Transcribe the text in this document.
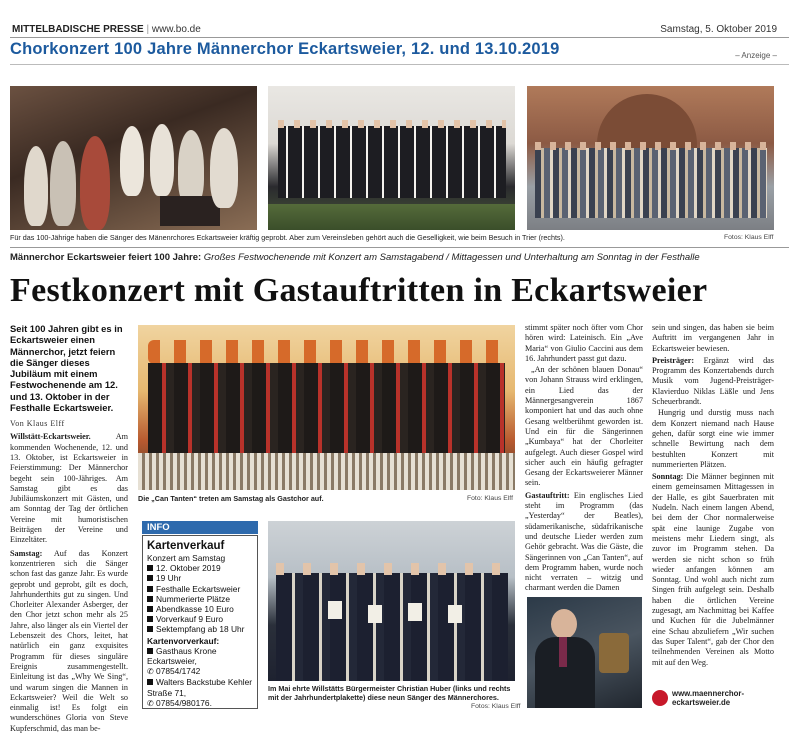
MITTELBADISCHE PRESSE | www.bo.de	Samstag, 5. Oktober 2019
Chorkonzert 100 Jahre Männerchor Eckartsweier, 12. und 13.10.2019	– Anzeige –
Für das 100-Jährige haben die Sänger des Mänenrchores Eckartsweier kräftig geprobt. Aber zum Vereinsleben gehört auch die Geselligkeit, wie beim Besuch in Trier (rechts).	Fotos: Klaus Elff
Männerchor Eckartsweier feiert 100 Jahre: Großes Festwochenende mit Konzert am Samstagabend / Mittagessen und Unterhaltung am Sonntag in der Festhalle
Festkonzert mit Gastauftritten in Eckartsweier
Seit 100 Jahren gibt es in Eckartsweier einen Männerchor, jetzt feiern die Sänger dieses Jubiläum mit einem Festwochenende am 12. und 13. Oktober in der Festhalle Eckartsweier.
Von Klaus Elff

Willstätt-Eckartsweier.	Am kommenden Wochenende, 12. und 13. Oktober, ist Eckartsweier in Feierstimmung: Der Männerchor begeht sein 100-Jähriges. Am Samstag gibt es das Jubiläumskonzert mit Gästen, und am Sonntag der Tag der örtlichen Vereine mit humoristischen Beiträgen der Vereine und Einzeltäter.

Samstag: Auf das Konzert konzentrieren sich die Sänger schon fast das ganze Jahr. Es wurde geprobt und geprobt, gilt es doch, Jahrhunderthits gut zu singen. Und Chorleiter Alexander Asberger, der den Chor jetzt schon mehr als 25 Jahre, also länger als ein Viertel der Lebenszeit des Chors, leitet, hat natürlich ein ganz exquisites Programm für dieses singuläre Ereignis zusammengestellt. Einleitung ist das „Why We Sing“, und warum singen die Mannen in Eckartsweier? Weil die Welt so einmalig ist! Es folgt ein wunderschönes Gloria von Steve Kupferschmid, das man be-

Die „Can Tanten“ treten am Samstag als Gastchor auf.	Foto: Klaus Elff
INFO
Kartenverkauf
Konzert am Samstag
12. Oktober 2019
19 Uhr
Festhalle Eckartsweier
Nummerierte Plätze
Abendkasse 10 Euro
Vorverkauf 9 Euro
Sektempfang ab 18 Uhr
Kartenvorverkauf:
Gasthaus Krone Eckartsweier,
✆ 07854/1742
Walters Backstube Kehler Straße 71,
✆ 07854/980176.
Im Mai ehrte Willstätts Bürgermeister Christian Huber (links und rechts mit der Jahrhundertplakette) diese neun Sänger des Männerchores.
Fotos: Klaus Elff

stimmt später noch öfter vom Chor hören wird: Lateinisch. Ein „Ave Maria“ von Giulio Caccini aus dem 16. Jahrhundert passt gut dazu.

„An der schönen blauen Donau“ von Johann Strauss wird erklingen, ein Lied das der Männergesangverein 1867 komponiert hat und das auch ohne Gesang weltberühmt geworden ist. Und ein für die Sängerinnen „Kumbaya“ hat der Chorleiter aufgelegt. Auch dieser Gospel wird sicher auch ein häufig gefragter Gesang der Eckartsweierer Männer sein.

Gastauftritt: Ein englisches Lied steht im Programm (das „Yesterday“ der Beatles), südamerikanische, südafrikanische und deutsche Lieder werden zum Gehör gebracht. Was die Gäste, die Sängerinnen von „Can Tanten“, auf dem Programm haben, wurde noch nicht verraten – witzig und charmant werden die Damen

sein und singen, das haben sie beim Auftritt im vergangenen Jahr in Eckartsweier bewiesen.

Preisträger: Ergänzt wird das Programm des Konzertabends durch Musik vom Jugend-Preisträger-Klavierduo Niklas Läßle und Jens Scheuerbrandt.

Hungrig und durstig muss nach dem Konzert niemand nach Hause gehen, dafür sorgt eine wie immer schnelle Bewirtung nach dem bestuhlten Konzert mit nummerierten Plätzen.

Sonntag: Die Männer beginnen mit einem gemeinsamen Mittagessen in der Halle, es gibt Sauerbraten mit Nudeln. Nach einem langen Abend, bei dem der Chor normalerweise spät eine launige Zugabe von meistens mehr Liedern singt, als zuvor im Programm stehen. Da werden sie nicht schon so früh wieder anfangen können am Sonntag. Und wohl auch nicht zum Singen früh aufgelegt sein. Deshalb haben die örtlichen Vereine zugesagt, am Nachmittag bei Kaffee und Kuchen für die Jubelmänner eine Schau abzuliefern „Wir suchen das Super Talent“, gab der Chor den teilnehmenden Vereinen als Motto mit auf den Weg.

www.maennerchor-eckartsweier.de
